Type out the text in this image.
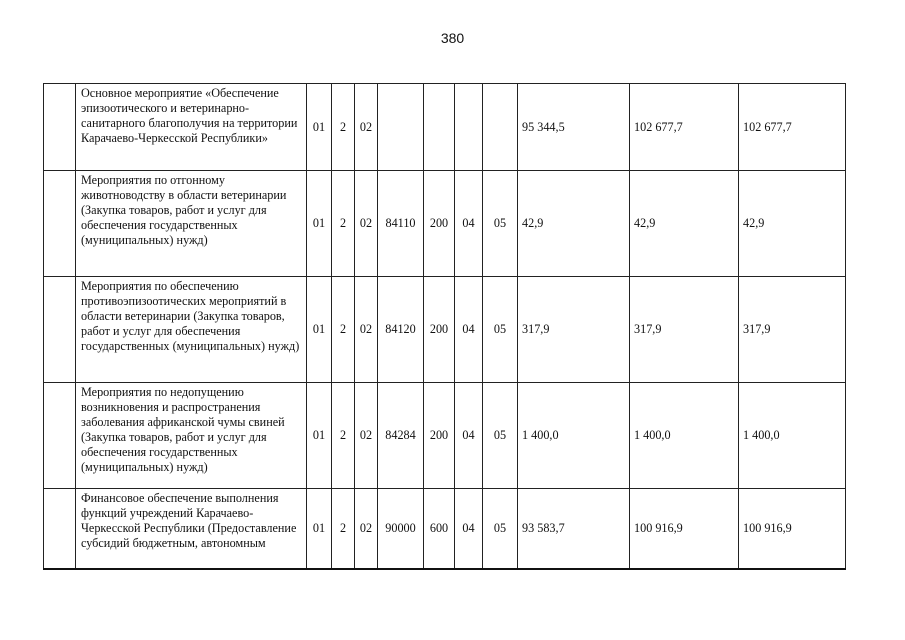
380
	Основное мероприятие «Обеспечение эпизоотического и ветеринарно-санитарного благополучия на территории Карачаево-Черкесской Республики»	01	2	02					95 344,5	102 677,7	102 677,7
	Мероприятия по отгонному животноводству в области ветеринарии (Закупка товаров, работ и услуг для обеспечения государственных (муниципальных) нужд)	01	2	02	84110	200	04	05	42,9	42,9	42,9
	Мероприятия по обеспечению противоэпизоотических мероприятий в области ветеринарии (Закупка товаров, работ и услуг для обеспечения государственных (муниципальных) нужд)	01	2	02	84120	200	04	05	317,9	317,9	317,9
	Мероприятия по недопущению возникновения и распространения заболевания африканской чумы свиней (Закупка товаров, работ и услуг для обеспечения государственных (муниципальных) нужд)	01	2	02	84284	200	04	05	1 400,0	1 400,0	1 400,0
	Финансовое обеспечение выполнения функций учреждений Карачаево-Черкесской Республики (Предоставление субсидий бюджетным, автономным	01	2	02	90000	600	04	05	93 583,7	100 916,9	100 916,9
